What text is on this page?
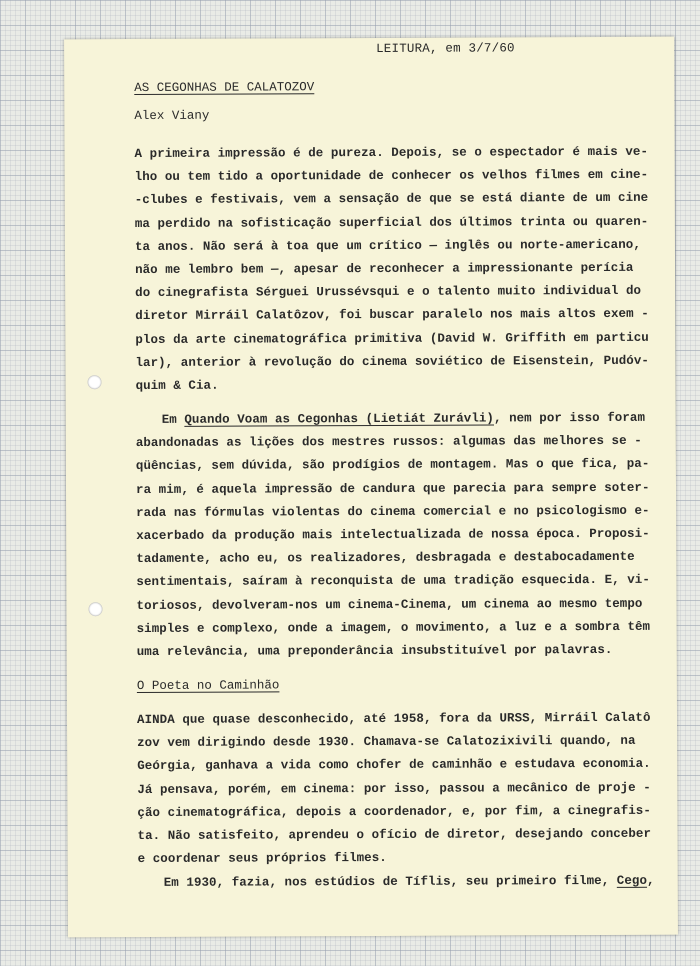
LEITURA, em 3/7/60
AS CEGONHAS DE CALATOZOV
Alex Viany
A primeira impressão é de pureza. Depois, se o espectador é mais ve-
lho ou tem tido a oportunidade de conhecer os velhos filmes em cine-
-clubes e festivais, vem a sensação de que se está diante de um cine
ma perdido na sofisticação superficial dos últimos trinta ou quaren-
ta anos. Não será à toa que um crítico — inglês ou norte-americano,
não me lembro bem —, apesar de reconhecer a impressionante perícia
do cinegrafista Sérguei Urussévsqui e o talento muito individual do
diretor Mirráil Calatôzov, foi buscar paralelo nos mais altos exem -
plos da arte cinematográfica primitiva (David W. Griffith em particu
lar), anterior à revolução do cinema soviético de Eisenstein, Pudóv-
quim & Cia.
Em Quando Voam as Cegonhas (Lietiát Zurávli), nem por isso foram
abandonadas as lições dos mestres russos: algumas das melhores se -
qüências, sem dúvida, são prodígios de montagem. Mas o que fica, pa-
ra mim, é aquela impressão de candura que parecia para sempre soter-
rada nas fórmulas violentas do cinema comercial e no psicologismo e-
xacerbado da produção mais intelectualizada de nossa época. Proposi-
tadamente, acho eu, os realizadores, desbragada e destabocadamente
sentimentais, saíram à reconquista de uma tradição esquecida. E, vi-
toriosos, devolveram-nos um cinema-Cinema, um cinema ao mesmo tempo
simples e complexo, onde a imagem, o movimento, a luz e a sombra têm
uma relevância, uma preponderância insubstituível por palavras.
O Poeta no Caminhão
AINDA que quase desconhecido, até 1958, fora da URSS, Mirráil Calatô
zov vem dirigindo desde 1930. Chamava-se Calatozixivili quando, na
Geórgia, ganhava a vida como chofer de caminhão e estudava economia.
Já pensava, porém, em cinema: por isso, passou a mecânico de proje -
ção cinematográfica, depois a coordenador, e, por fim, a cinegrafis-
ta. Não satisfeito, aprendeu o ofício de diretor, desejando conceber
e coordenar seus próprios filmes.
Em 1930, fazia, nos estúdios de Tíflis, seu primeiro filme, Cego,
